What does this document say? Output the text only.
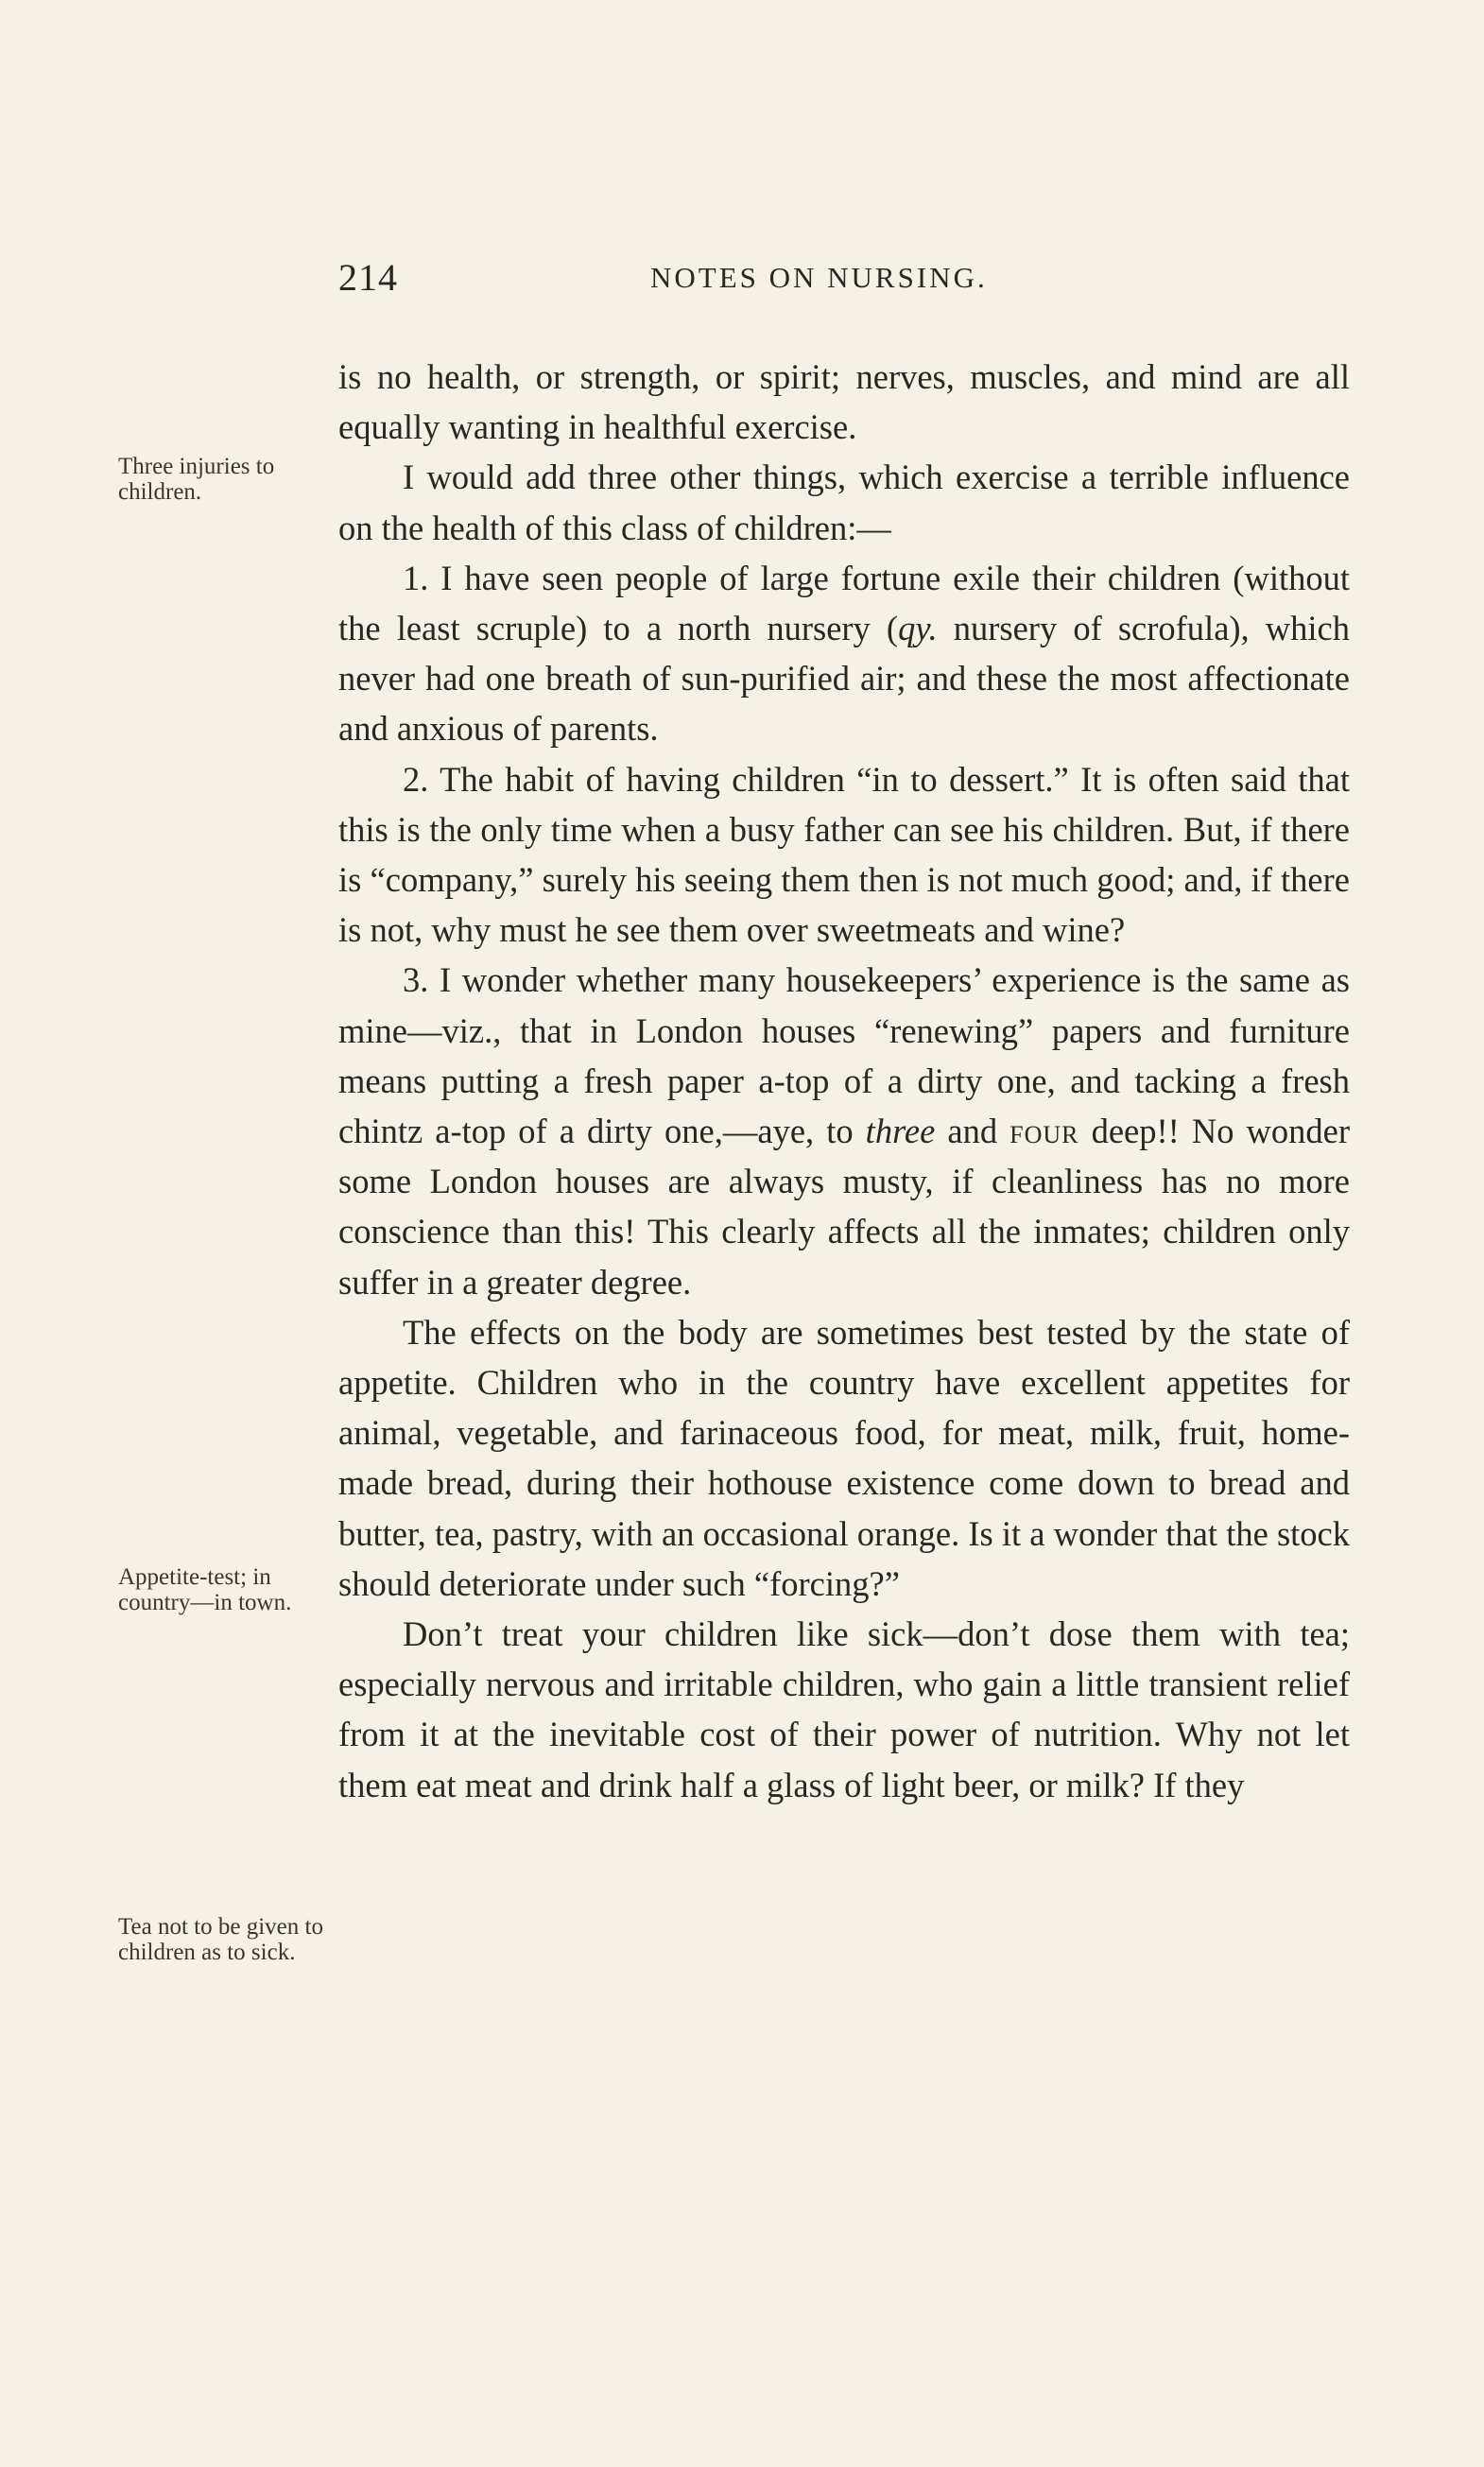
214	NOTES ON NURSING.
Three injuries to children.
Appetite-test; in country—in town.
Tea not to be given to children as to sick.

is no health, or strength, or spirit; nerves, muscles, and mind are all equally wanting in healthful exercise.

I would add three other things, which exercise a terrible influence on the health of this class of children:—

1. I have seen people of large fortune exile their children (without the least scruple) to a north nursery (qy. nursery of scrofula), which never had one breath of sun-purified air; and these the most affectionate and anxious of parents.

2. The habit of having children “in to dessert.” It is often said that this is the only time when a busy father can see his children. But, if there is “company,” surely his seeing them then is not much good; and, if there is not, why must he see them over sweetmeats and wine?

3. I wonder whether many housekeepers’ experience is the same as mine—viz., that in London houses “renewing” papers and furniture means putting a fresh paper a-top of a dirty one, and tacking a fresh chintz a-top of a dirty one,—aye, to three and four deep!! No wonder some London houses are always musty, if cleanliness has no more conscience than this! This clearly affects all the inmates; children only suffer in a greater degree.

The effects on the body are sometimes best tested by the state of appetite. Children who in the country have excellent appetites for animal, vegetable, and farinaceous food, for meat, milk, fruit, home-made bread, during their hothouse existence come down to bread and butter, tea, pastry, with an occasional orange. Is it a wonder that the stock should deteriorate under such “forcing?”

Don’t treat your children like sick—don’t dose them with tea; especially nervous and irritable children, who gain a little transient relief from it at the inevitable cost of their power of nutrition. Why not let them eat meat and drink half a glass of light beer, or milk? If they
